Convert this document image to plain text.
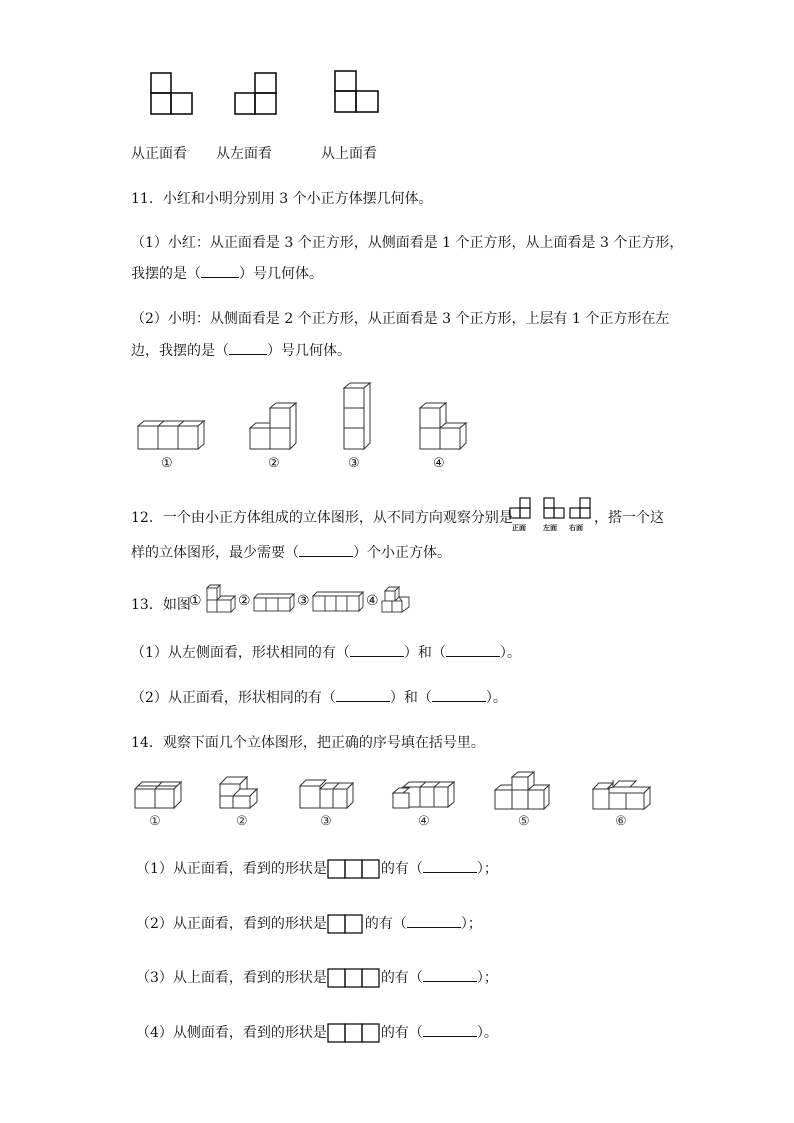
从正面看 从左面看	从上面看
11．小红和小明分别用 3 个小正方体摆几何体。
（1）小红：从正面看是 3 个正方形，从侧面看是 1 个正方形，从上面看是 3 个正方形，
我摆的是（	）号几何体。
（2）小明：从侧面看是 2 个正方形，从正面看是 3 个正方形，上层有 1 个正方形在左
边，我摆的是（	）号几何体。
①	②	③	④
12．一个由小正方体组成的立体图形，从不同方向观察分别是
正面 左面 右面
，搭一个这
样的立体图形，最少需要（	）个小正方体。
13．如图
①	②	③	④
（1）从左侧面看，形状相同的有（	）和（	）。
（2）从正面看，形状相同的有（	）和（	）。
14．观察下面几个立体图形，把正确的序号填在括号里。
①	②	③	④	⑤	⑥
（1）从正面看，看到的形状是	的有（	）；
（2）从正面看，看到的形状是	的有（	）；
（3）从上面看，看到的形状是	的有（	）；
（4）从侧面看，看到的形状是	的有（	）。
